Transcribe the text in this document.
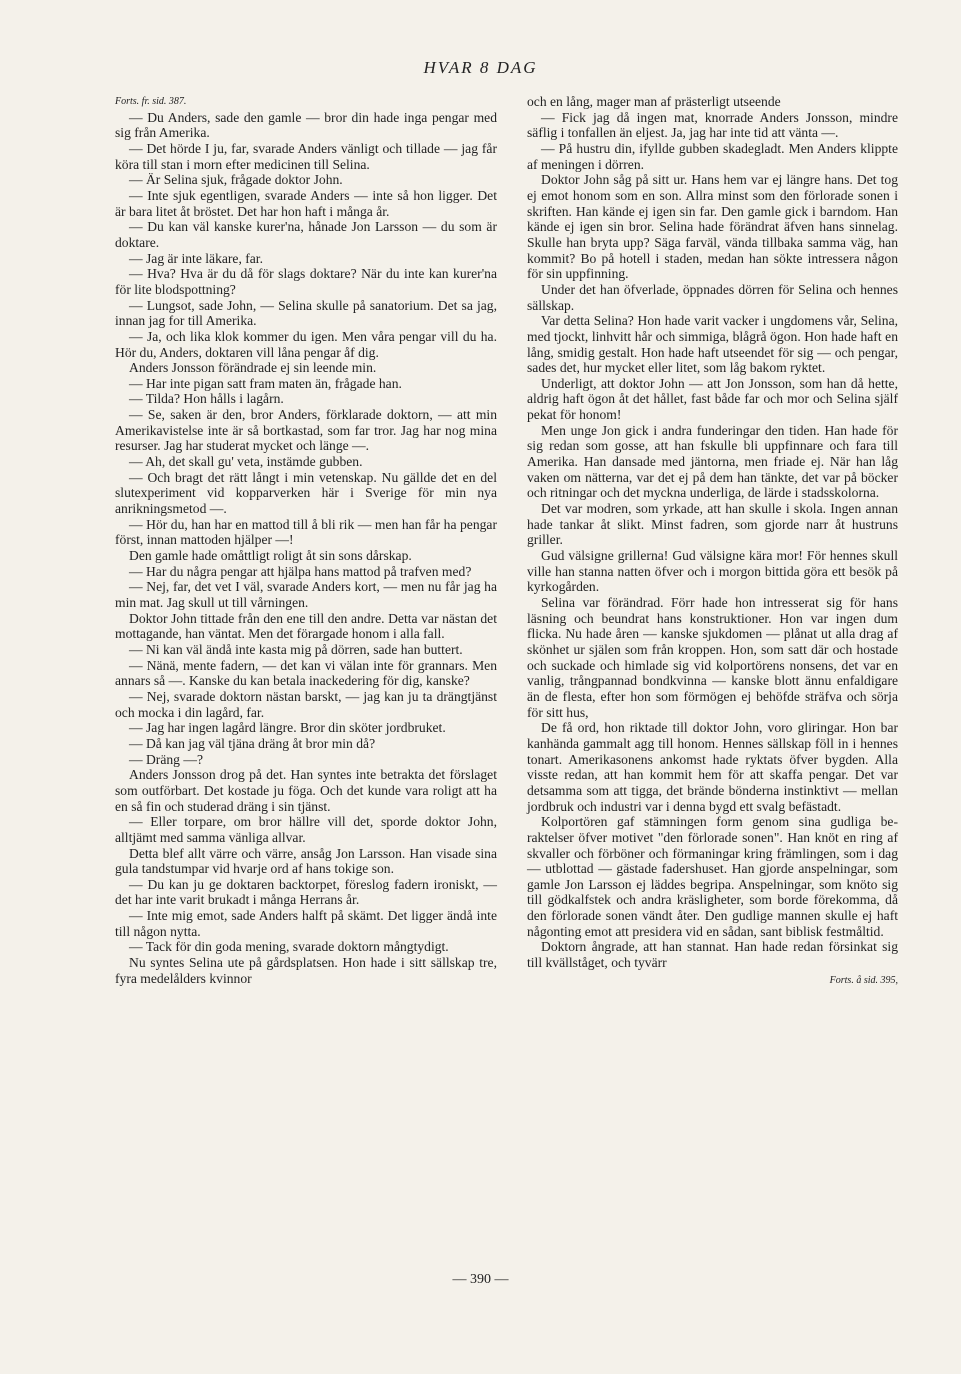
HVAR 8 DAG

Forts. fr. sid. 387.

— Du Anders, sade den gamle — bror din hade inga pengar med sig från Amerika.

— Det hörde I ju, far, svarade Anders vänligt och tillade — jag får köra till stan i morn efter medicinen till Selina.

— Är Selina sjuk, frågade doktor John.

— Inte sjuk egentligen, svarade Anders — inte så hon ligger. Det är bara litet åt bröstet. Det har hon haft i många år.

— Du kan väl kanske kurer'na, hånade Jon Larsson — du som är doktare.

— Jag är inte läkare, far.

— Hva? Hva är du då för slags doktare? När du inte kan kurer'na för lite blodspottning?

— Lungsot, sade John, — Selina skulle på sanatorium. Det sa jag, innan jag for till Amerika.

— Ja, och lika klok kommer du igen. Men våra pengar vill du ha. Hör du, Anders, doktaren vill låna pengar åf dig.

Anders Jonsson förändrade ej sin leende min.

— Har inte pigan satt fram maten än, frågade han.

— Tilda? Hon hålls i lagårn.

— Se, saken är den, bror Anders, förklarade doktorn, — att min Amerikavistelse inte är så bortkastad, som far tror. Jag har nog mina resurser. Jag har studerat mycket och länge —.

— Ah, det skall gu' veta, instämde gubben.

— Och bragt det rätt långt i min vetenskap. Nu gällde det en del slutexperiment vid kopparverken här i Sverige för min nya anrikningsmetod —.

— Hör du, han har en mattod till å bli rik — men han får ha pengar först, innan mattoden hjälper —!

Den gamle hade omåttligt roligt åt sin sons dårskap.

— Har du några pengar att hjälpa hans mattod på trafven med?

— Nej, far, det vet I väl, svarade Anders kort, — men nu får jag ha min mat. Jag skull ut till vårningen.

Doktor John tittade från den ene till den andre. Detta var nästan det mottagande, han väntat. Men det förargade honom i alla fall.

— Ni kan väl ändå inte kasta mig på dörren, sade han buttert.

— Nänä, mente fadern, — det kan vi välan inte för grannars. Men annars så —. Kanske du kan betala inackedering för dig, kanske?

— Nej, svarade doktorn nästan barskt, — jag kan ju ta drängtjänst och mocka i din lagård, far.

— Jag har ingen lagård längre. Bror din sköter jordbruket.

— Då kan jag väl tjäna dräng åt bror min då?

— Dräng —?

Anders Jonsson drog på det. Han syntes inte betrakta det förslaget som outförbart. Det kostade ju föga. Och det kunde vara roligt att ha en så fin och studerad dräng i sin tjänst.

— Eller torpare, om bror hällre vill det, sporde doktor John, alltjämt med samma vänliga allvar.

Detta blef allt värre och värre, ansåg Jon Larsson. Han visade sina gula tandstumpar vid hvarje ord af hans tokige son.

— Du kan ju ge doktaren backtorpet, föreslog fadern ironiskt, — det har inte varit brukadt i många Herrans år.

— Inte mig emot, sade Anders halft på skämt. Det ligger ändå inte till någon nytta.

— Tack för din goda mening, svarade doktorn mångtydigt.

Nu syntes Selina ute på gårdsplatsen. Hon hade i sitt sällskap tre, fyra medelålders kvinnor

och en lång, mager man af prästerligt utseende

— Fick jag då ingen mat, knorrade Anders Jonsson, mindre säflig i tonfallen än eljest. Ja, jag har inte tid att vänta —.

— På hustru din, ifyllde gubben skadegladt. Men Anders klippte af meningen i dörren.

Doktor John såg på sitt ur. Hans hem var ej längre hans. Det tog ej emot honom som en son. Allra minst som den förlorade sonen i skriften. Han kände ej igen sin far. Den gamle gick i barndom. Han kände ej igen sin bror. Selina hade förändrat äfven hans sinnelag. Skulle han bryta upp? Säga farväl, vända tillbaka samma väg, han kommit? Bo på hotell i staden, medan han sökte intressera någon för sin uppfinning.

Under det han öfverlade, öppnades dörren för Selina och hennes sällskap.

Var detta Selina? Hon hade varit vacker i ungdomens vår, Selina, med tjockt, linhvitt hår och simmiga, blågrå ögon. Hon hade haft en lång, smidig gestalt. Hon hade haft utseendet för sig — och pengar, sades det, hur mycket eller litet, som låg bakom ryktet.

Underligt, att doktor John — att Jon Jonsson, som han då hette, aldrig haft ögon åt det hållet, fast både far och mor och Selina själf pekat för honom!

Men unge Jon gick i andra funderingar den tiden. Han hade för sig redan som gosse, att han fskulle bli uppfinnare och fara till Amerika. Han dansade med jäntorna, men friade ej. När han låg vaken om nätterna, var det ej på dem han tänkte, det var på böcker och ritningar och det myckna underliga, de lärde i stadsskolorna.

Det var modren, som yrkade, att han skulle i skola. Ingen annan hade tankar åt slikt. Minst fadren, som gjorde narr åt hustruns griller.

Gud välsigne grillerna! Gud välsigne kära mor! För hennes skull ville han stanna natten öfver och i morgon bittida göra ett besök på kyrkogården.

Selina var förändrad. Förr hade hon intresserat sig för hans läsning och beundrat hans konstruktioner. Hon var ingen dum flicka. Nu hade åren — kanske sjukdomen — plånat ut alla drag af skönhet ur själen som från kroppen. Hon, som satt där och hostade och suckade och himlade sig vid kolportörens nonsens, det var en vanlig, trångpannad bondkvinna — kanske blott ännu enfaldigare än de flesta, efter hon som förmögen ej behöfde sträfva och sörja för sitt hus,

De få ord, hon riktade till doktor John, voro gliringar. Hon bar kanhända gammalt agg till honom. Hennes sällskap föll in i hennes tonart. Amerikasonens ankomst hade ryktats öfver bygden. Alla visste redan, att han kommit hem för att skaffa pengar. Det var detsamma som att tigga, det brände bönderna instinktivt — mellan jordbruk och industri var i denna bygd ett svalg befästadt.

Kolportören gaf stämningen form genom sina gudliga be-raktelser öfver motivet "den förlorade sonen". Han knöt en ring af skvaller och förböner och förmaningar kring främlingen, som i dag — utblottad — gästade fadershuset. Han gjorde anspelningar, som gamle Jon Larsson ej läddes begripa. Anspelningar, som knöto sig till gödkalfstek och andra kräsligheter, som borde förekomma, då den förlorade sonen vändt åter. Den gudlige mannen skulle ej haft någonting emot att presidera vid en sådan, sant biblisk festmåltid.

Doktorn ångrade, att han stannat. Han hade redan försinkat sig till kvällståget, och tyvärr

Forts. å sid. 395,
— 390 —
